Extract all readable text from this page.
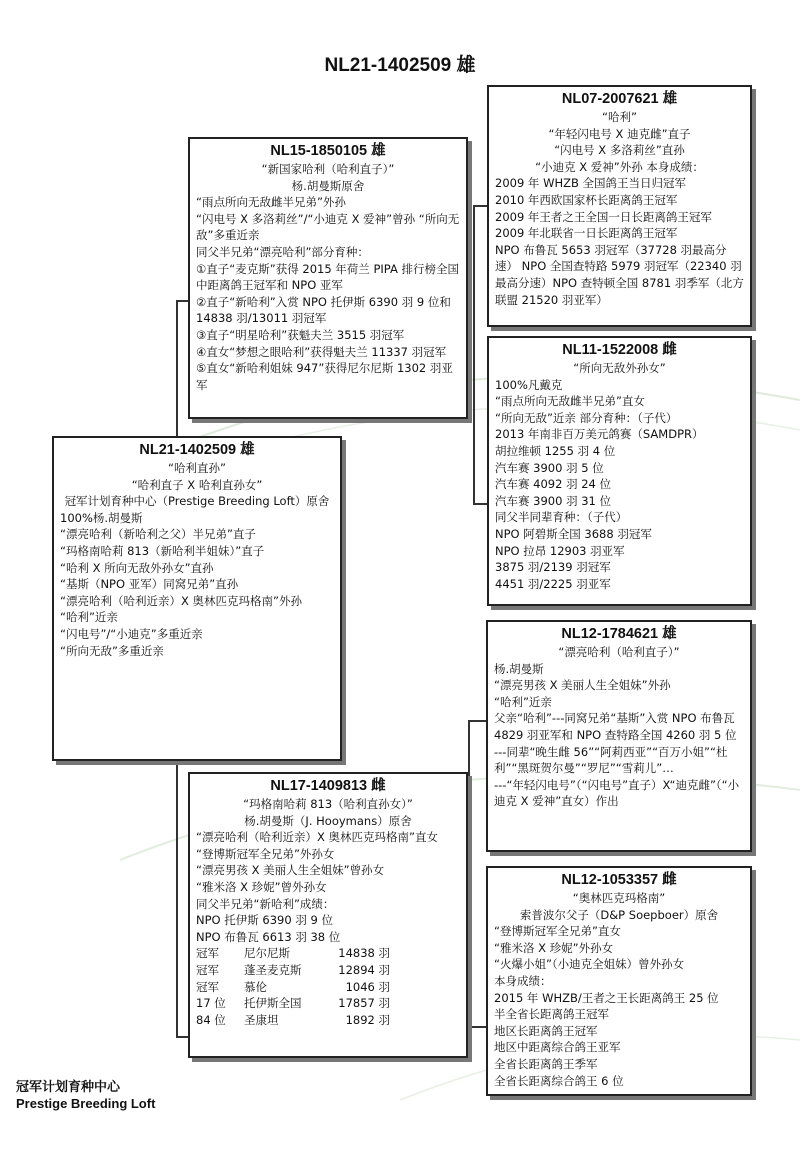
NL21-1402509 雄
NL15-1850105 雄
“新国家哈利（哈利直子）”
杨.胡曼斯原舍
“雨点所向无敌雌半兄弟”外孙
“闪电号 X 多洛莉丝”/“小迪克 X 爱神”曾孙 “所向无敌”多重近亲
同父半兄弟“漂亮哈利”部分育种：
①直子“麦克斯”获得 2015 年荷兰 PIPA 排行榜全国中距离鸽王冠军和 NPO 亚军
②直子“新哈利”入赏 NPO 托伊斯 6390 羽 9 位和 14838 羽/13011 羽冠军
③直子“明星哈利”获魁夫兰 3515 羽冠军
④直女“梦想之眼哈利”获得魁夫兰 11337 羽冠军
⑤直女“新哈利姐妹 947”获得尼尔尼斯 1302 羽亚军
NL07-2007621 雄
“哈利”
“年轻闪电号 X 迪克雌”直子
“闪电号 X 多洛莉丝”直孙
“小迪克 X 爱神”外孙 本身成绩：
2009 年 WHZB 全国鸽王当日归冠军
2010 年西欧国家杯长距离鸽王冠军
2009 年王者之王全国一日长距离鸽王冠军 2009 年北联省一日长距离鸽王冠军
NPO 布鲁瓦 5653 羽冠军（37728 羽最高分速） NPO 全国查特路 5979 羽冠军（22340 羽最高分速）NPO 查特顿全国 8781 羽季军（北方联盟 21520 羽亚军）
NL11-1522008 雌
“所向无敌外孙女”
100%凡戴克
“雨点所向无敌雌半兄弟”直女
“所向无敌”近亲 部分育种：（子代）
2013 年南非百万美元鸽赛（SAMDPR）
胡拉维顿 1255 羽 4 位
汽车赛 3900 羽 5 位
汽车赛 4092 羽 24 位
汽车赛 3900 羽 31 位
同父半同辈育种：（子代）
NPO 阿碧斯全国 3688 羽冠军
NPO 拉昂 12903 羽亚军
3875 羽/2139 羽冠军
4451 羽/2225 羽亚军
NL21-1402509 雄
“哈利直孙”
“哈利直子 X 哈利直孙女”
冠军计划育种中心（Prestige Breeding Loft）原舍
100%杨.胡曼斯
“漂亮哈利（新哈利之父）半兄弟”直子
“玛格南哈莉 813（新哈利半姐妹）”直子
“哈利 X 所向无敌外孙女”直孙
“基斯（NPO 亚军）同窝兄弟”直孙
“漂亮哈利（哈利近亲）X 奥林匹克玛格南”外孙
“哈利”近亲
“闪电号”/“小迪克”多重近亲
“所向无敌”多重近亲
NL12-1784621 雄
“漂亮哈利（哈利直子）”
杨.胡曼斯
“漂亮男孩 X 美丽人生全姐妹”外孙
“哈利”近亲
父亲“哈利”---同窝兄弟“基斯”入赏 NPO 布鲁瓦 4829 羽亚军和 NPO 查特路全国 4260 羽 5 位
---同辈“晚生雌 56”“阿莉西亚”“百万小姐”“杜利”“黑斑贺尔曼”“罗尼”“雪莉儿”…
---“年轻闪电号”（“闪电号”直子）X“迪克雌”（“小迪克 X 爱神”直女）作出
NL17-1409813 雌
“玛格南哈莉 813（哈利直孙女）”
杨.胡曼斯（J. Hooymans）原舍
“漂亮哈利（哈利近亲）X 奥林匹克玛格南”直女
“登博斯冠军全兄弟”外孙女
“漂亮男孩 X 美丽人生全姐妹”曾孙女
“雅米洛 X 珍妮”曾外孙女
同父半兄弟“新哈利”成绩：
NPO 托伊斯 6390 羽 9 位
NPO 布鲁瓦 6613 羽 38 位
冠军	尼尔尼斯	14838 羽
冠军	蓬圣麦克斯	12894 羽
冠军	慕伦	1046 羽
17 位	托伊斯全国	17857 羽
84 位	圣康坦	1892 羽
NL12-1053357 雌
“奥林匹克玛格南”
索普波尔父子（D&P Soepboer）原舍
“登博斯冠军全兄弟”直女
“雅米洛 X 珍妮”外孙女
“火爆小姐”（小迪克全姐妹）曾外孙女
本身成绩：
2015 年 WHZB/王者之王长距离鸽王 25 位
半全省长距离鸽王冠军
地区长距离鸽王冠军
地区中距离综合鸽王亚军
全省长距离鸽王季军
全省长距离综合鸽王 6 位
冠军计划育种中心
Prestige Breeding Loft
